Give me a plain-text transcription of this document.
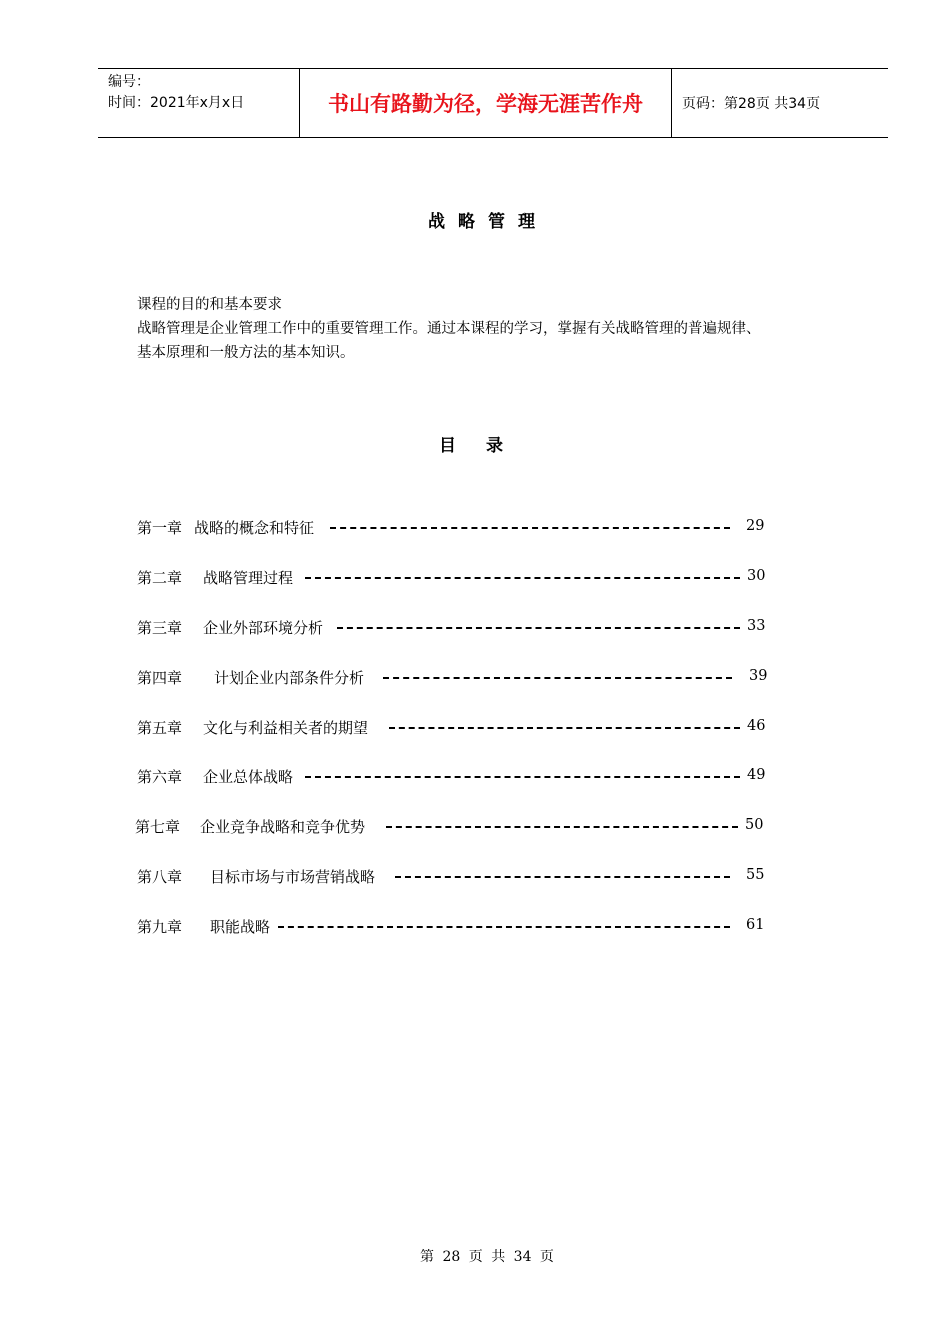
编号：
时间：2021年x月x日	书山有路勤为径，学海无涯苦作舟	页码：第28页 共34页
战略管理

课程的目的和基本要求

战略管理是企业管理工作中的重要管理工作。通过本课程的学习，掌握有关战略管理的普遍规律、

基本原理和一般方法的基本知识。

目录
第一章 战略的概念和特征	29
第二章 战略管理过程	30
第三章 企业外部环境分析	33
第四章 计划企业内部条件分析	39
第五章 文化与利益相关者的期望	46
第六章 企业总体战略	49
第七章 企业竞争战略和竞争优势	50
第八章 目标市场与市场营销战略	55
第九章 职能战略	61
第 28 页 共 34 页
